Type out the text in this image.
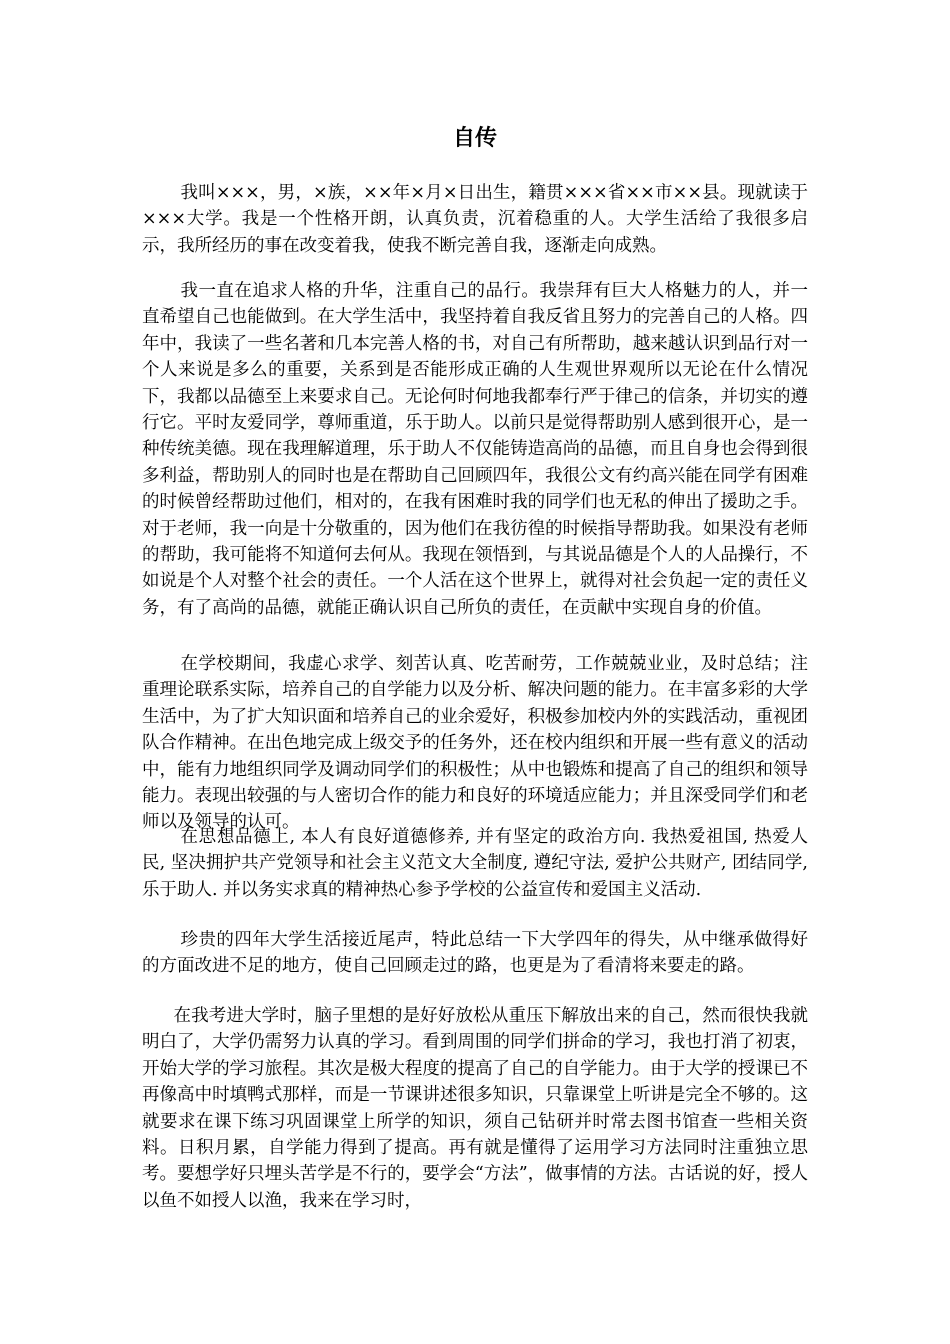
自传

我叫×××，男，×族，××年×月×日出生，籍贯×××省××市××县。现就读于×××大学。我是一个性格开朗，认真负责，沉着稳重的人。大学生活给了我很多启示，我所经历的事在改变着我，使我不断完善自我，逐渐走向成熟。

我一直在追求人格的升华，注重自己的品行。我崇拜有巨大人格魅力的人，并一直希望自己也能做到。在大学生活中，我坚持着自我反省且努力的完善自己的人格。四年中，我读了一些名著和几本完善人格的书，对自己有所帮助，越来越认识到品行对一个人来说是多么的重要，关系到是否能形成正确的人生观世界观所以无论在什么情况下，我都以品德至上来要求自己。无论何时何地我都奉行严于律己的信条，并切实的遵行它。平时友爱同学，尊师重道，乐于助人。以前只是觉得帮助别人感到很开心，是一种传统美德。现在我理解道理，乐于助人不仅能铸造高尚的品德，而且自身也会得到很多利益，帮助别人的同时也是在帮助自己回顾四年，我很公文有约高兴能在同学有困难的时候曾经帮助过他们，相对的，在我有困难时我的同学们也无私的伸出了援助之手。对于老师，我一向是十分敬重的，因为他们在我彷徨的时候指导帮助我。如果没有老师的帮助，我可能将不知道何去何从。我现在领悟到，与其说品德是个人的人品操行，不如说是个人对整个社会的责任。一个人活在这个世界上，就得对社会负起一定的责任义务，有了高尚的品德，就能正确认识自己所负的责任，在贡献中实现自身的价值。

在学校期间，我虚心求学、刻苦认真、吃苦耐劳，工作兢兢业业，及时总结；注重理论联系实际，培养自己的自学能力以及分析、解决问题的能力。在丰富多彩的大学生活中，为了扩大知识面和培养自己的业余爱好，积极参加校内外的实践活动，重视团队合作精神。在出色地完成上级交予的任务外，还在校内组织和开展一些有意义的活动中，能有力地组织同学及调动同学们的积极性；从中也锻炼和提高了自己的组织和领导能力。表现出较强的与人密切合作的能力和良好的环境适应能力；并且深受同学们和老师以及领导的认可。

在思想品德上, 本人有良好道德修养, 并有坚定的政治方向. 我热爱祖国, 热爱人民, 坚决拥护共产党领导和社会主义范文大全制度, 遵纪守法, 爱护公共财产, 团结同学, 乐于助人. 并以务实求真的精神热心参予学校的公益宣传和爱国主义活动.

珍贵的四年大学生活接近尾声，特此总结一下大学四年的得失，从中继承做得好的方面改进不足的地方，使自己回顾走过的路，也更是为了看清将来要走的路。

在我考进大学时，脑子里想的是好好放松从重压下解放出来的自己，然而很快我就明白了，大学仍需努力认真的学习。看到周围的同学们拼命的学习，我也打消了初衷，开始大学的学习旅程。其次是极大程度的提高了自己的自学能力。由于大学的授课已不再像高中时填鸭式那样，而是一节课讲述很多知识，只靠课堂上听讲是完全不够的。这就要求在课下练习巩固课堂上所学的知识，须自己钻研并时常去图书馆查一些相关资料。日积月累，自学能力得到了提高。再有就是懂得了运用学习方法同时注重独立思考。要想学好只埋头苦学是不行的，要学会“方法”，做事情的方法。古话说的好，授人以鱼不如授人以渔，我来在学习时，
